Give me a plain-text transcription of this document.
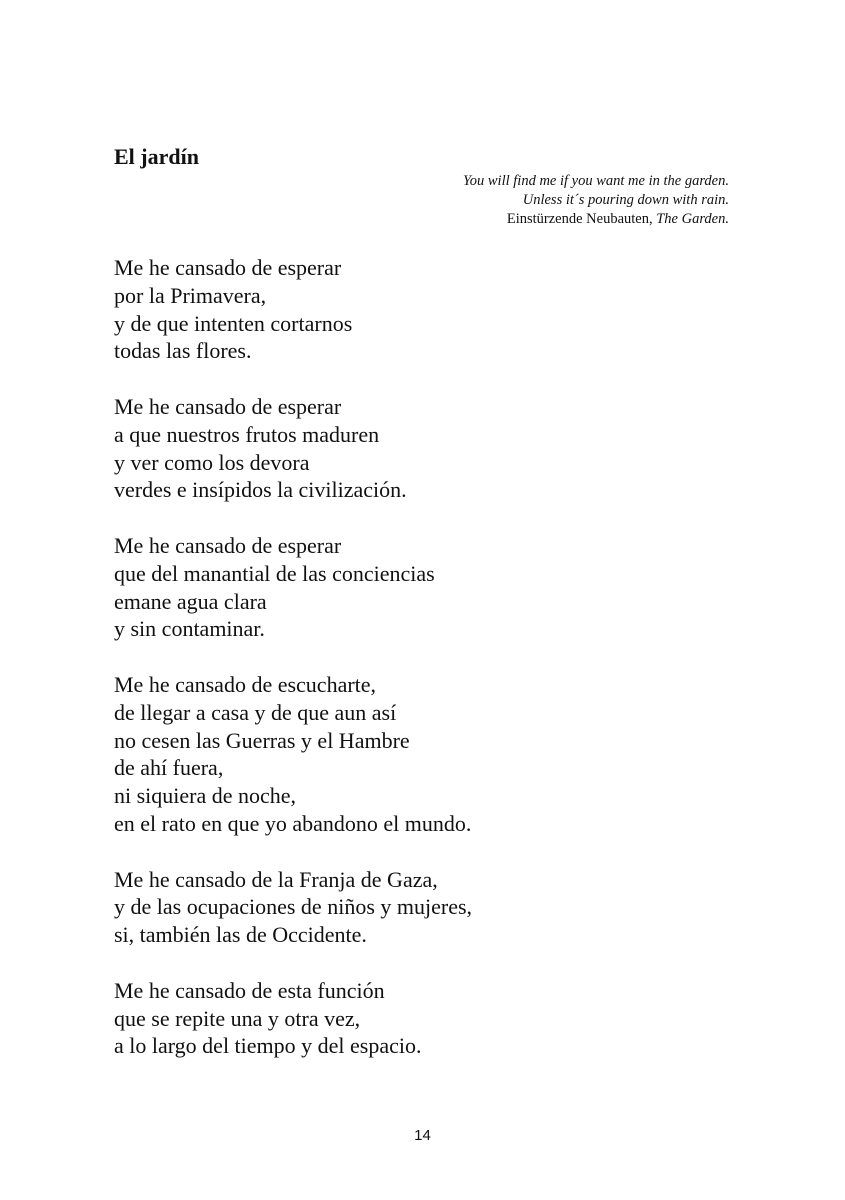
El jardín
You will find me if you want me in the garden.
Unless it´s pouring down with rain.
Einstürzende Neubauten, The Garden.

Me he cansado de esperar
por la Primavera,
y de que intenten cortarnos
todas las flores.

Me he cansado de esperar
a que nuestros frutos maduren
y ver como los devora
verdes e insípidos la civilización.

Me he cansado de esperar
que del manantial de las conciencias
emane agua clara
y sin contaminar.

Me he cansado de escucharte,
de llegar a casa y de que aun así
no cesen las Guerras y el Hambre
de ahí fuera,
ni siquiera de noche,
en el rato en que yo abandono el mundo.

Me he cansado de la Franja de Gaza,
y de las ocupaciones de niños y mujeres,
si, también las de Occidente.

Me he cansado de esta función
que se repite una y otra vez,
a lo largo del tiempo y del espacio.

14
